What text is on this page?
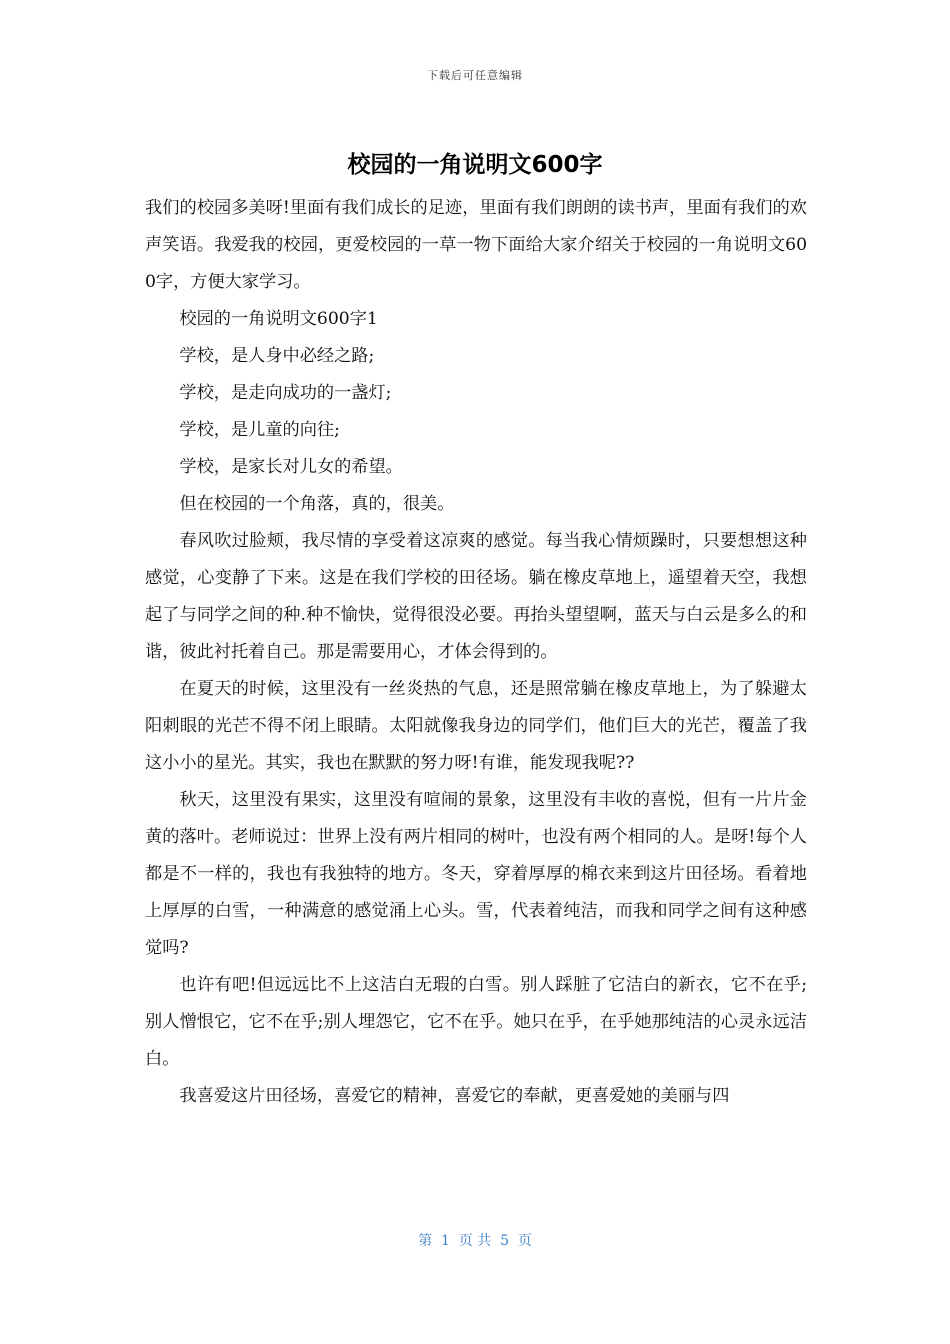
下载后可任意编辑
校园的一角说明文600字

我们的校园多美呀!里面有我们成长的足迹，里面有我们朗朗的读书声，里面有我们的欢声笑语。我爱我的校园，更爱校园的一草一物下面给大家介绍关于校园的一角说明文600字，方便大家学习。

校园的一角说明文600字1

学校，是人身中必经之路;

学校，是走向成功的一盏灯;

学校，是儿童的向往;

学校，是家长对儿女的希望。

但在校园的一个角落，真的，很美。

春风吹过脸颊，我尽情的享受着这凉爽的感觉。每当我心情烦躁时，只要想想这种感觉，心变静了下来。这是在我们学校的田径场。躺在橡皮草地上，遥望着天空，我想起了与同学之间的种.种不愉快，觉得很没必要。再抬头望望啊，蓝天与白云是多么的和谐，彼此衬托着自己。那是需要用心，才体会得到的。

在夏天的时候，这里没有一丝炎热的气息，还是照常躺在橡皮草地上，为了躲避太阳刺眼的光芒不得不闭上眼睛。太阳就像我身边的同学们，他们巨大的光芒，覆盖了我这小小的星光。其实，我也在默默的努力呀!有谁，能发现我呢??

秋天，这里没有果实，这里没有喧闹的景象，这里没有丰收的喜悦，但有一片片金黄的落叶。老师说过：世界上没有两片相同的树叶，也没有两个相同的人。是呀!每个人都是不一样的，我也有我独特的地方。冬天，穿着厚厚的棉衣来到这片田径场。看着地上厚厚的白雪，一种满意的感觉涌上心头。雪，代表着纯洁，而我和同学之间有这种感觉吗?

也许有吧!但远远比不上这洁白无瑕的白雪。别人踩脏了它洁白的新衣，它不在乎;别人憎恨它，它不在乎;别人埋怨它，它不在乎。她只在乎，在乎她那纯洁的心灵永远洁白。

我喜爱这片田径场，喜爱它的精神，喜爱它的奉献，更喜爱她的美丽与四

第  1  页 共  5  页
